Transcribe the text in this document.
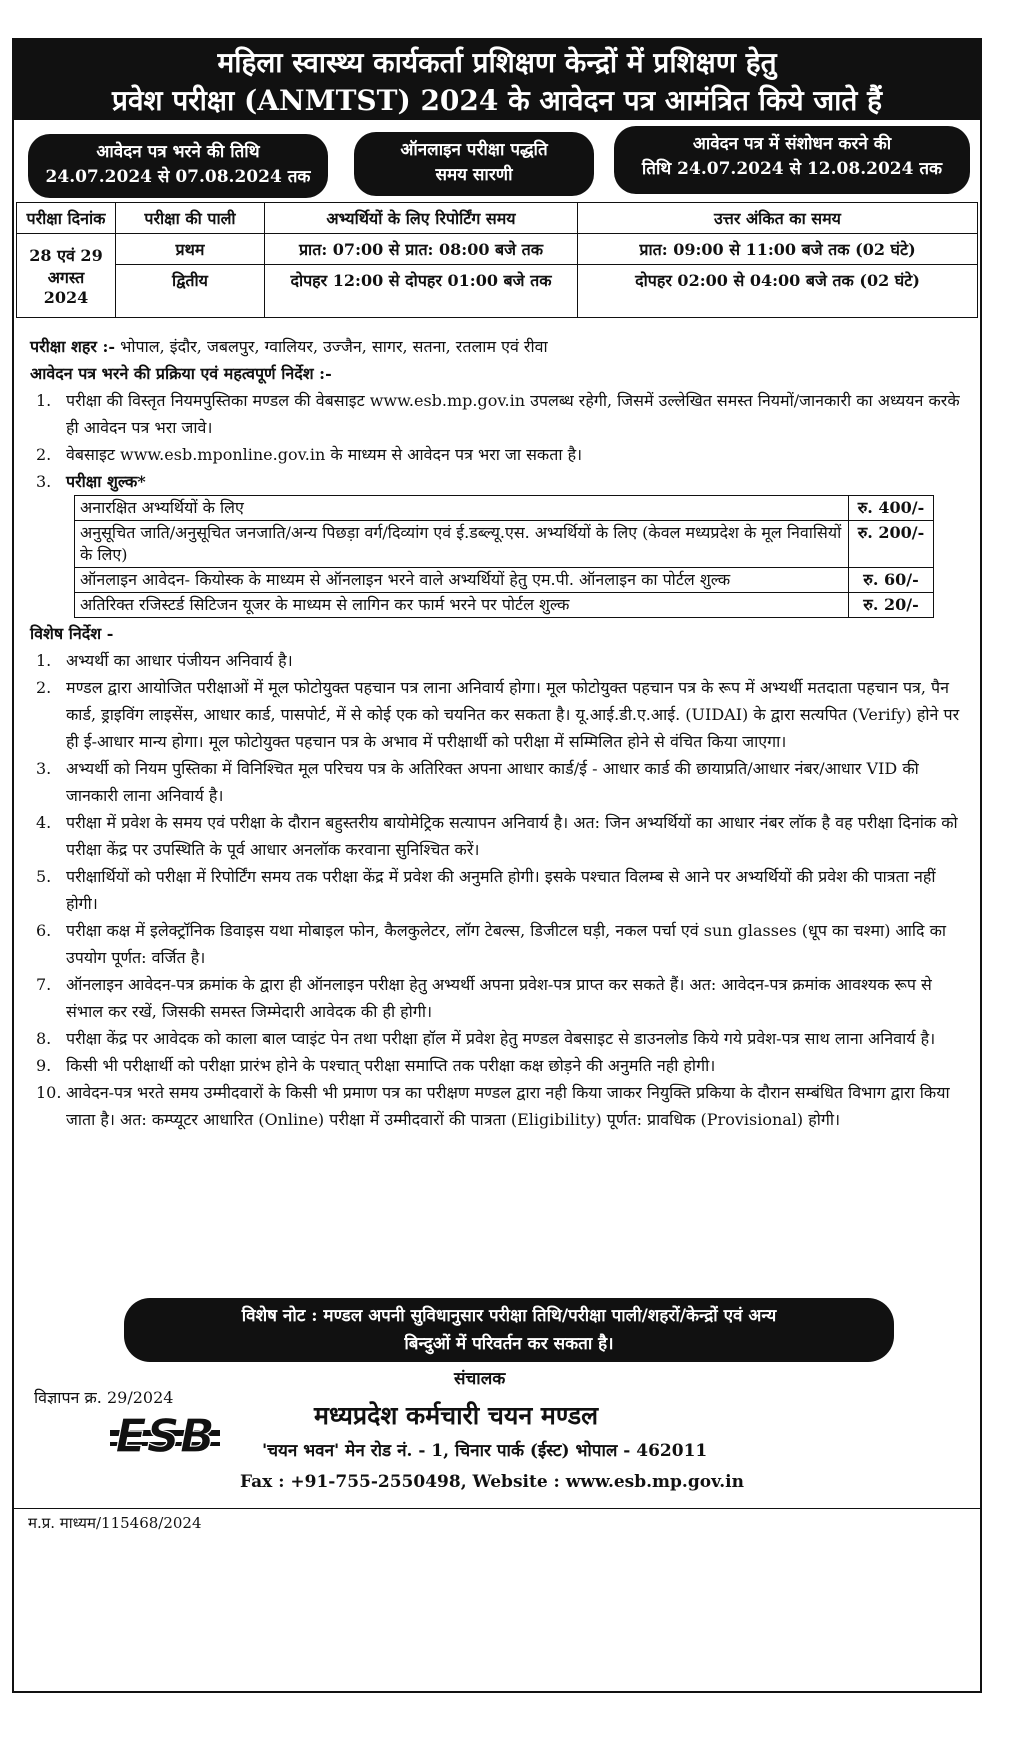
महिला स्वास्थ्य कार्यकर्ता प्रशिक्षण केन्द्रों में प्रशिक्षण हेतु
प्रवेश परीक्षा (ANMTST) 2024 के आवेदन पत्र आमंत्रित किये जाते हैं
आवेदन पत्र भरने की तिथि
24.07.2024 से 07.08.2024 तक
ऑनलाइन परीक्षा पद्धति
समय सारणी
आवेदन पत्र में संशोधन करने की
तिथि 24.07.2024 से 12.08.2024 तक
परीक्षा दिनांक	परीक्षा की पाली	अभ्यर्थियों के लिए रिपोर्टिंग समय	उत्तर अंकित का समय
28 एवं 29 अगस्त 2024	प्रथम	प्रात: 07:00 से प्रात: 08:00 बजे तक	प्रात: 09:00 से 11:00 बजे तक (02 घंटे)
	द्वितीय	दोपहर 12:00 से दोपहर 01:00 बजे तक	दोपहर 02:00 से 04:00 बजे तक (02 घंटे)
परीक्षा शहर :- भोपाल, इंदौर, जबलपुर, ग्वालियर, उज्जैन, सागर, सतना, रतलाम एवं रीवा
आवेदन पत्र भरने की प्रक्रिया एवं महत्वपूर्ण निर्देश :-
1. परीक्षा की विस्तृत नियमपुस्तिका मण्डल की वेबसाइट www.esb.mp.gov.in उपलब्ध रहेगी, जिसमें उल्लेखित समस्त नियमों/जानकारी का अध्ययन करके ही आवेदन पत्र भरा जावे।
2. वेबसाइट www.esb.mponline.gov.in के माध्यम से आवेदन पत्र भरा जा सकता है।
3. परीक्षा शुल्क*
अनारक्षित अभ्यर्थियों के लिए	रु. 400/-
अनुसूचित जाति/अनुसूचित जनजाति/अन्य पिछड़ा वर्ग/दिव्यांग एवं ई.डब्ल्यू.एस. अभ्यर्थियों के लिए (केवल मध्यप्रदेश के मूल निवासियों के लिए)	रु. 200/-
ऑनलाइन आवेदन- कियोस्क के माध्यम से ऑनलाइन भरने वाले अभ्यर्थियों हेतु एम.पी. ऑनलाइन का पोर्टल शुल्क	रु. 60/-
अतिरिक्त रजिस्टर्ड सिटिजन यूजर के माध्यम से लागिन कर फार्म भरने पर पोर्टल शुल्क	रु. 20/-
विशेष निर्देश -
1. अभ्यर्थी का आधार पंजीयन अनिवार्य है।
2. मण्डल द्वारा आयोजित परीक्षाओं में मूल फोटोयुक्त पहचान पत्र लाना अनिवार्य होगा। मूल फोटोयुक्त पहचान पत्र के रूप में अभ्यर्थी मतदाता पहचान पत्र, पैन कार्ड, ड्राइविंग लाइसेंस, आधार कार्ड, पासपोर्ट, में से कोई एक को चयनित कर सकता है। यू.आई.डी.ए.आई. (UIDAI) के द्वारा सत्यपित (Verify) होने पर ही ई-आधार मान्य होगा। मूल फोटोयुक्त पहचान पत्र के अभाव में परीक्षार्थी को परीक्षा में सम्मिलित होने से वंचित किया जाएगा।
3. अभ्यर्थी को नियम पुस्तिका में विनिश्चित मूल परिचय पत्र के अतिरिक्त अपना आधार कार्ड/ई - आधार कार्ड की छायाप्रति/आधार नंबर/आधार VID की जानकारी लाना अनिवार्य है।
4. परीक्षा में प्रवेश के समय एवं परीक्षा के दौरान बहुस्तरीय बायोमेट्रिक सत्यापन अनिवार्य है। अत: जिन अभ्यर्थियों का आधार नंबर लॉक है वह परीक्षा दिनांक को परीक्षा केंद्र पर उपस्थिति के पूर्व आधार अनलॉक करवाना सुनिश्चित करें।
5. परीक्षार्थियों को परीक्षा में रिपोर्टिंग समय तक परीक्षा केंद्र में प्रवेश की अनुमति होगी। इसके पश्चात विलम्ब से आने पर अभ्यर्थियों की प्रवेश की पात्रता नहीं होगी।
6. परीक्षा कक्ष में इलेक्ट्रॉनिक डिवाइस यथा मोबाइल फोन, कैलकुलेटर, लॉग टेबल्स, डिजीटल घड़ी, नकल पर्चा एवं sun glasses (धूप का चश्मा) आदि का उपयोग पूर्णत: वर्जित है।
7. ऑनलाइन आवेदन-पत्र क्रमांक के द्वारा ही ऑनलाइन परीक्षा हेतु अभ्यर्थी अपना प्रवेश-पत्र प्राप्त कर सकते हैं। अत: आवेदन-पत्र क्रमांक आवश्यक रूप से संभाल कर रखें, जिसकी समस्त जिम्मेदारी आवेदक की ही होगी।
8. परीक्षा केंद्र पर आवेदक को काला बाल प्वाइंट पेन तथा परीक्षा हॉल में प्रवेश हेतु मण्डल वेबसाइट से डाउनलोड किये गये प्रवेश-पत्र साथ लाना अनिवार्य है।
9. किसी भी परीक्षार्थी को परीक्षा प्रारंभ होने के पश्चात् परीक्षा समाप्ति तक परीक्षा कक्ष छोड़ने की अनुमति नही होगी।
10. आवेदन-पत्र भरते समय उम्मीदवारों के किसी भी प्रमाण पत्र का परीक्षण मण्डल द्वारा नही किया जाकर नियुक्ति प्रकिया के दौरान सम्बंधित विभाग द्वारा किया जाता है। अत: कम्प्यूटर आधारित (Online) परीक्षा में उम्मीदवारों की पात्रता (Eligibility) पूर्णत: प्रावधिक (Provisional) होगी।
विशेष नोट : मण्डल अपनी सुविधानुसार परीक्षा तिथि/परीक्षा पाली/शहरों/केन्द्रों एवं अन्य
बिन्दुओं में परिवर्तन कर सकता है।
संचालक
विज्ञापन क्र. 29/2024
ESB	मध्यप्रदेश कर्मचारी चयन मण्डल
'चयन भवन' मेन रोड नं. - 1, चिनार पार्क (ईस्ट) भोपाल - 462011
Fax : +91-755-2550498, Website : www.esb.mp.gov.in
म.प्र. माध्यम/115468/2024
